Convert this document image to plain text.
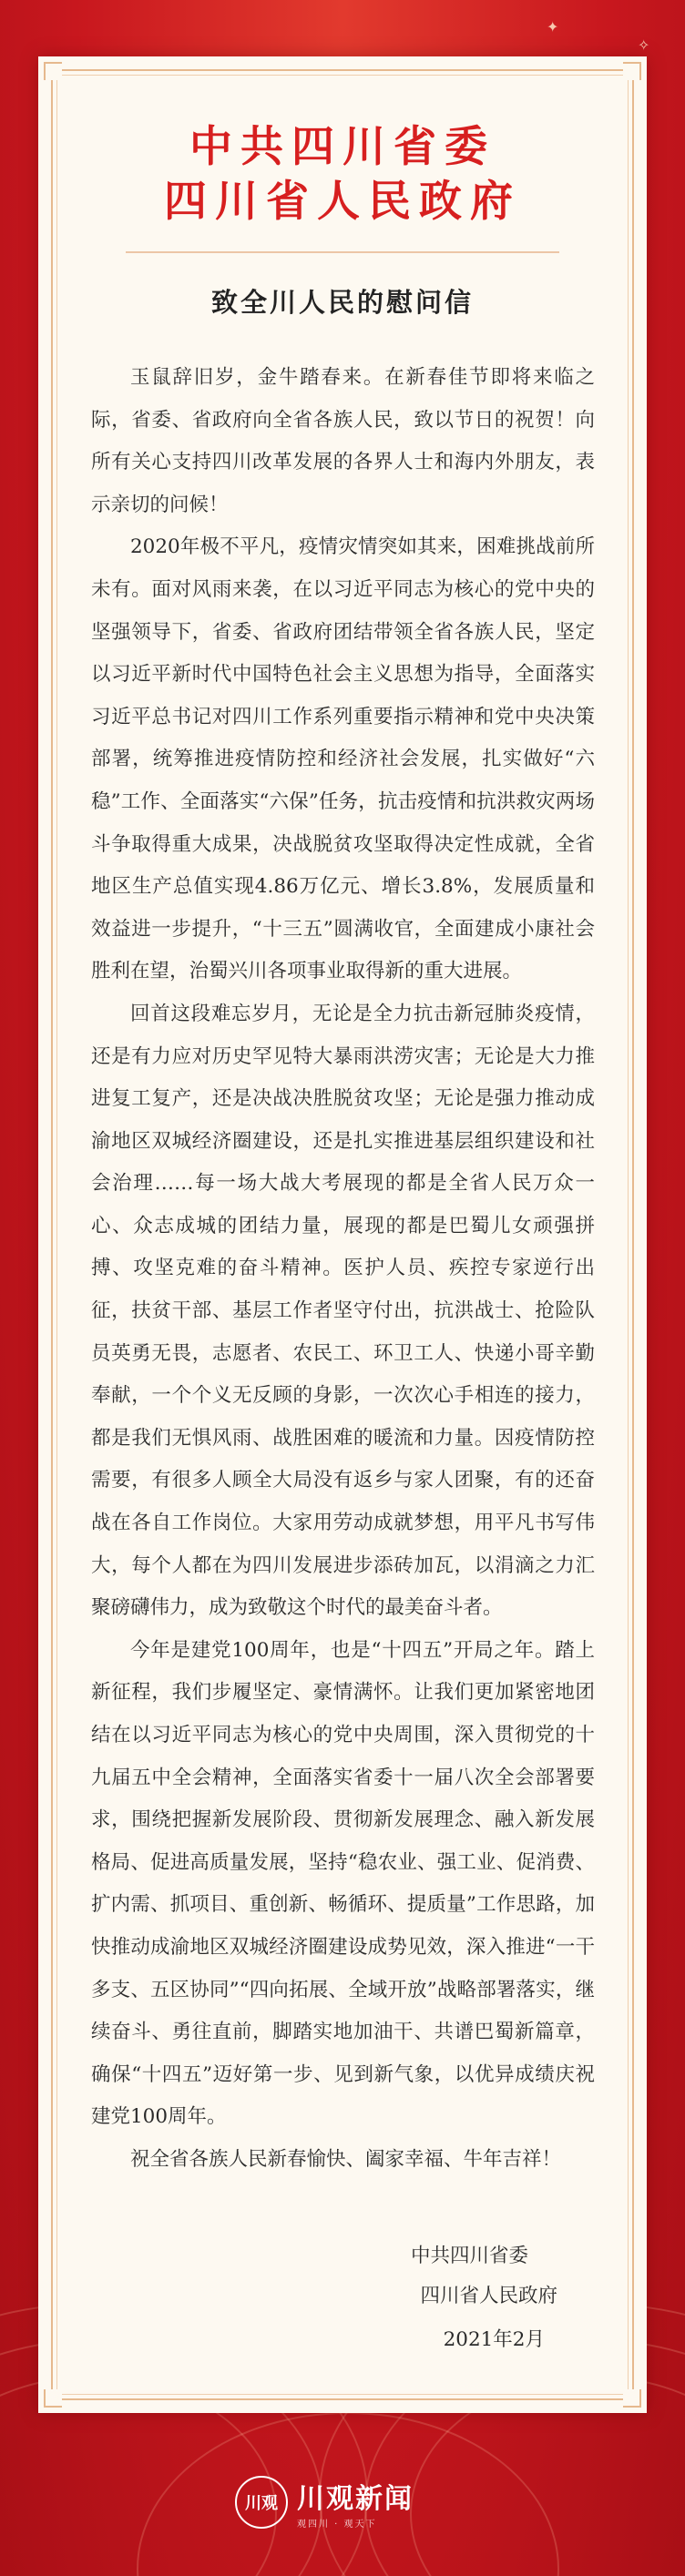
✦
✧
中共四川省委
四川省人民政府
致全川人民的慰问信

玉鼠辞旧岁，金牛踏春来。在新春佳节即将来临之际，省委、省政府向全省各族人民，致以节日的祝贺！向所有关心支持四川改革发展的各界人士和海内外朋友，表示亲切的问候！

2020年极不平凡，疫情灾情突如其来，困难挑战前所未有。面对风雨来袭，在以习近平同志为核心的党中央的坚强领导下，省委、省政府团结带领全省各族人民，坚定以习近平新时代中国特色社会主义思想为指导，全面落实习近平总书记对四川工作系列重要指示精神和党中央决策部署，统筹推进疫情防控和经济社会发展，扎实做好“六稳”工作、全面落实“六保”任务，抗击疫情和抗洪救灾两场斗争取得重大成果，决战脱贫攻坚取得决定性成就，全省地区生产总值实现4.86万亿元、增长3.8%，发展质量和效益进一步提升，“十三五”圆满收官，全面建成小康社会胜利在望，治蜀兴川各项事业取得新的重大进展。

回首这段难忘岁月，无论是全力抗击新冠肺炎疫情，还是有力应对历史罕见特大暴雨洪涝灾害；无论是大力推进复工复产，还是决战决胜脱贫攻坚；无论是强力推动成渝地区双城经济圈建设，还是扎实推进基层组织建设和社会治理……每一场大战大考展现的都是全省人民万众一心、众志成城的团结力量，展现的都是巴蜀儿女顽强拼搏、攻坚克难的奋斗精神。医护人员、疾控专家逆行出征，扶贫干部、基层工作者坚守付出，抗洪战士、抢险队员英勇无畏，志愿者、农民工、环卫工人、快递小哥辛勤奉献，一个个义无反顾的身影，一次次心手相连的接力，都是我们无惧风雨、战胜困难的暖流和力量。因疫情防控需要，有很多人顾全大局没有返乡与家人团聚，有的还奋战在各自工作岗位。大家用劳动成就梦想，用平凡书写伟大，每个人都在为四川发展进步添砖加瓦，以涓滴之力汇聚磅礴伟力，成为致敬这个时代的最美奋斗者。

今年是建党100周年，也是“十四五”开局之年。踏上新征程，我们步履坚定、豪情满怀。让我们更加紧密地团结在以习近平同志为核心的党中央周围，深入贯彻党的十九届五中全会精神，全面落实省委十一届八次全会部署要求，围绕把握新发展阶段、贯彻新发展理念、融入新发展格局、促进高质量发展，坚持“稳农业、强工业、促消费、扩内需、抓项目、重创新、畅循环、提质量”工作思路，加快推动成渝地区双城经济圈建设成势见效，深入推进“一干多支、五区协同”“四向拓展、全域开放”战略部署落实，继续奋斗、勇往直前，脚踏实地加油干、共谱巴蜀新篇章，确保“十四五”迈好第一步、见到新气象，以优异成绩庆祝建党100周年。

祝全省各族人民新春愉快、阖家幸福、牛年吉祥！

中共四川省委
四川省人民政府
2021年2月
川观 川观新闻
观四川 · 观天下
